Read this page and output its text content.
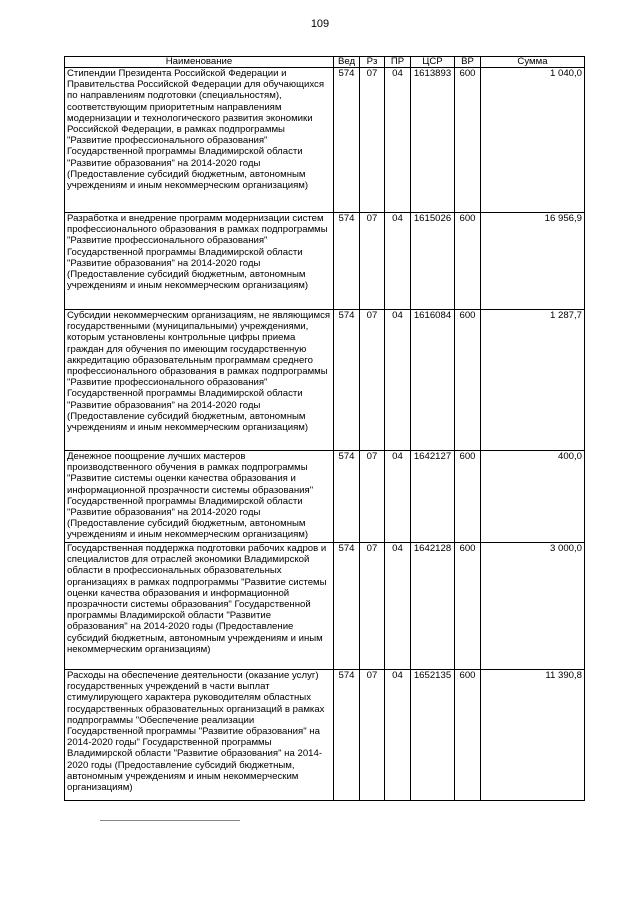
109
Наименование	Вед	Рз	ПР	ЦСР	ВР	Сумма
Стипендии Президента Российской Федерации и Правительства Российской Федерации для обучающихся по направлениям подготовки (специальностям), соответствующим приоритетным направлениям модернизации и технологического развития экономики Российской Федерации, в рамках подпрограммы "Развитие профессионального образования" Государственной программы Владимирской области "Развитие образования" на 2014-2020 годы (Предоставление субсидий бюджетным, автономным учреждениям и иным некоммерческим организациям)	574	07	04	1613893	600	1 040,0
Разработка и внедрение программ модернизации систем профессионального образования в рамках подпрограммы "Развитие профессионального образования" Государственной программы Владимирской области "Развитие образования" на 2014-2020 годы (Предоставление субсидий бюджетным, автономным учреждениям и иным некоммерческим организациям)	574	07	04	1615026	600	16 956,9
Субсидии некоммерческим организациям, не являющимся государственными (муниципальными) учреждениями, которым установлены контрольные цифры приема граждан для обучения по имеющим государственную аккредитацию образовательным программам среднего профессионального образования в рамках подпрограммы "Развитие профессионального образования" Государственной программы Владимирской области "Развитие образования" на 2014-2020 годы (Предоставление субсидий бюджетным, автономным учреждениям и иным некоммерческим организациям)	574	07	04	1616084	600	1 287,7
Денежное поощрение лучших мастеров производственного обучения в рамках подпрограммы "Развитие системы оценки качества образования и информационной прозрачности системы образования" Государственной программы Владимирской области "Развитие образования" на 2014-2020 годы (Предоставление субсидий бюджетным, автономным учреждениям и иным некоммерческим организациям)	574	07	04	1642127	600	400,0
Государственная поддержка подготовки рабочих кадров и специалистов для отраслей экономики Владимирской области в профессиональных образовательных организациях в рамках подпрограммы "Развитие системы оценки качества образования и информационной прозрачности системы образования" Государственной программы Владимирской области "Развитие образования" на 2014-2020 годы (Предоставление субсидий бюджетным, автономным учреждениям и иным некоммерческим организациям)	574	07	04	1642128	600	3 000,0
Расходы на обеспечение деятельности (оказание услуг) государственных учреждений в части выплат стимулирующего характера руководителям областных государственных образовательных организаций в рамках подпрограммы "Обеспечение реализации Государственной программы "Развитие образования" на 2014-2020 годы" Государственной программы Владимирской области "Развитие образования" на 2014-2020 годы (Предоставление субсидий бюджетным, автономным учреждениям и иным некоммерческим организациям)	574	07	04	1652135	600	11 390,8
